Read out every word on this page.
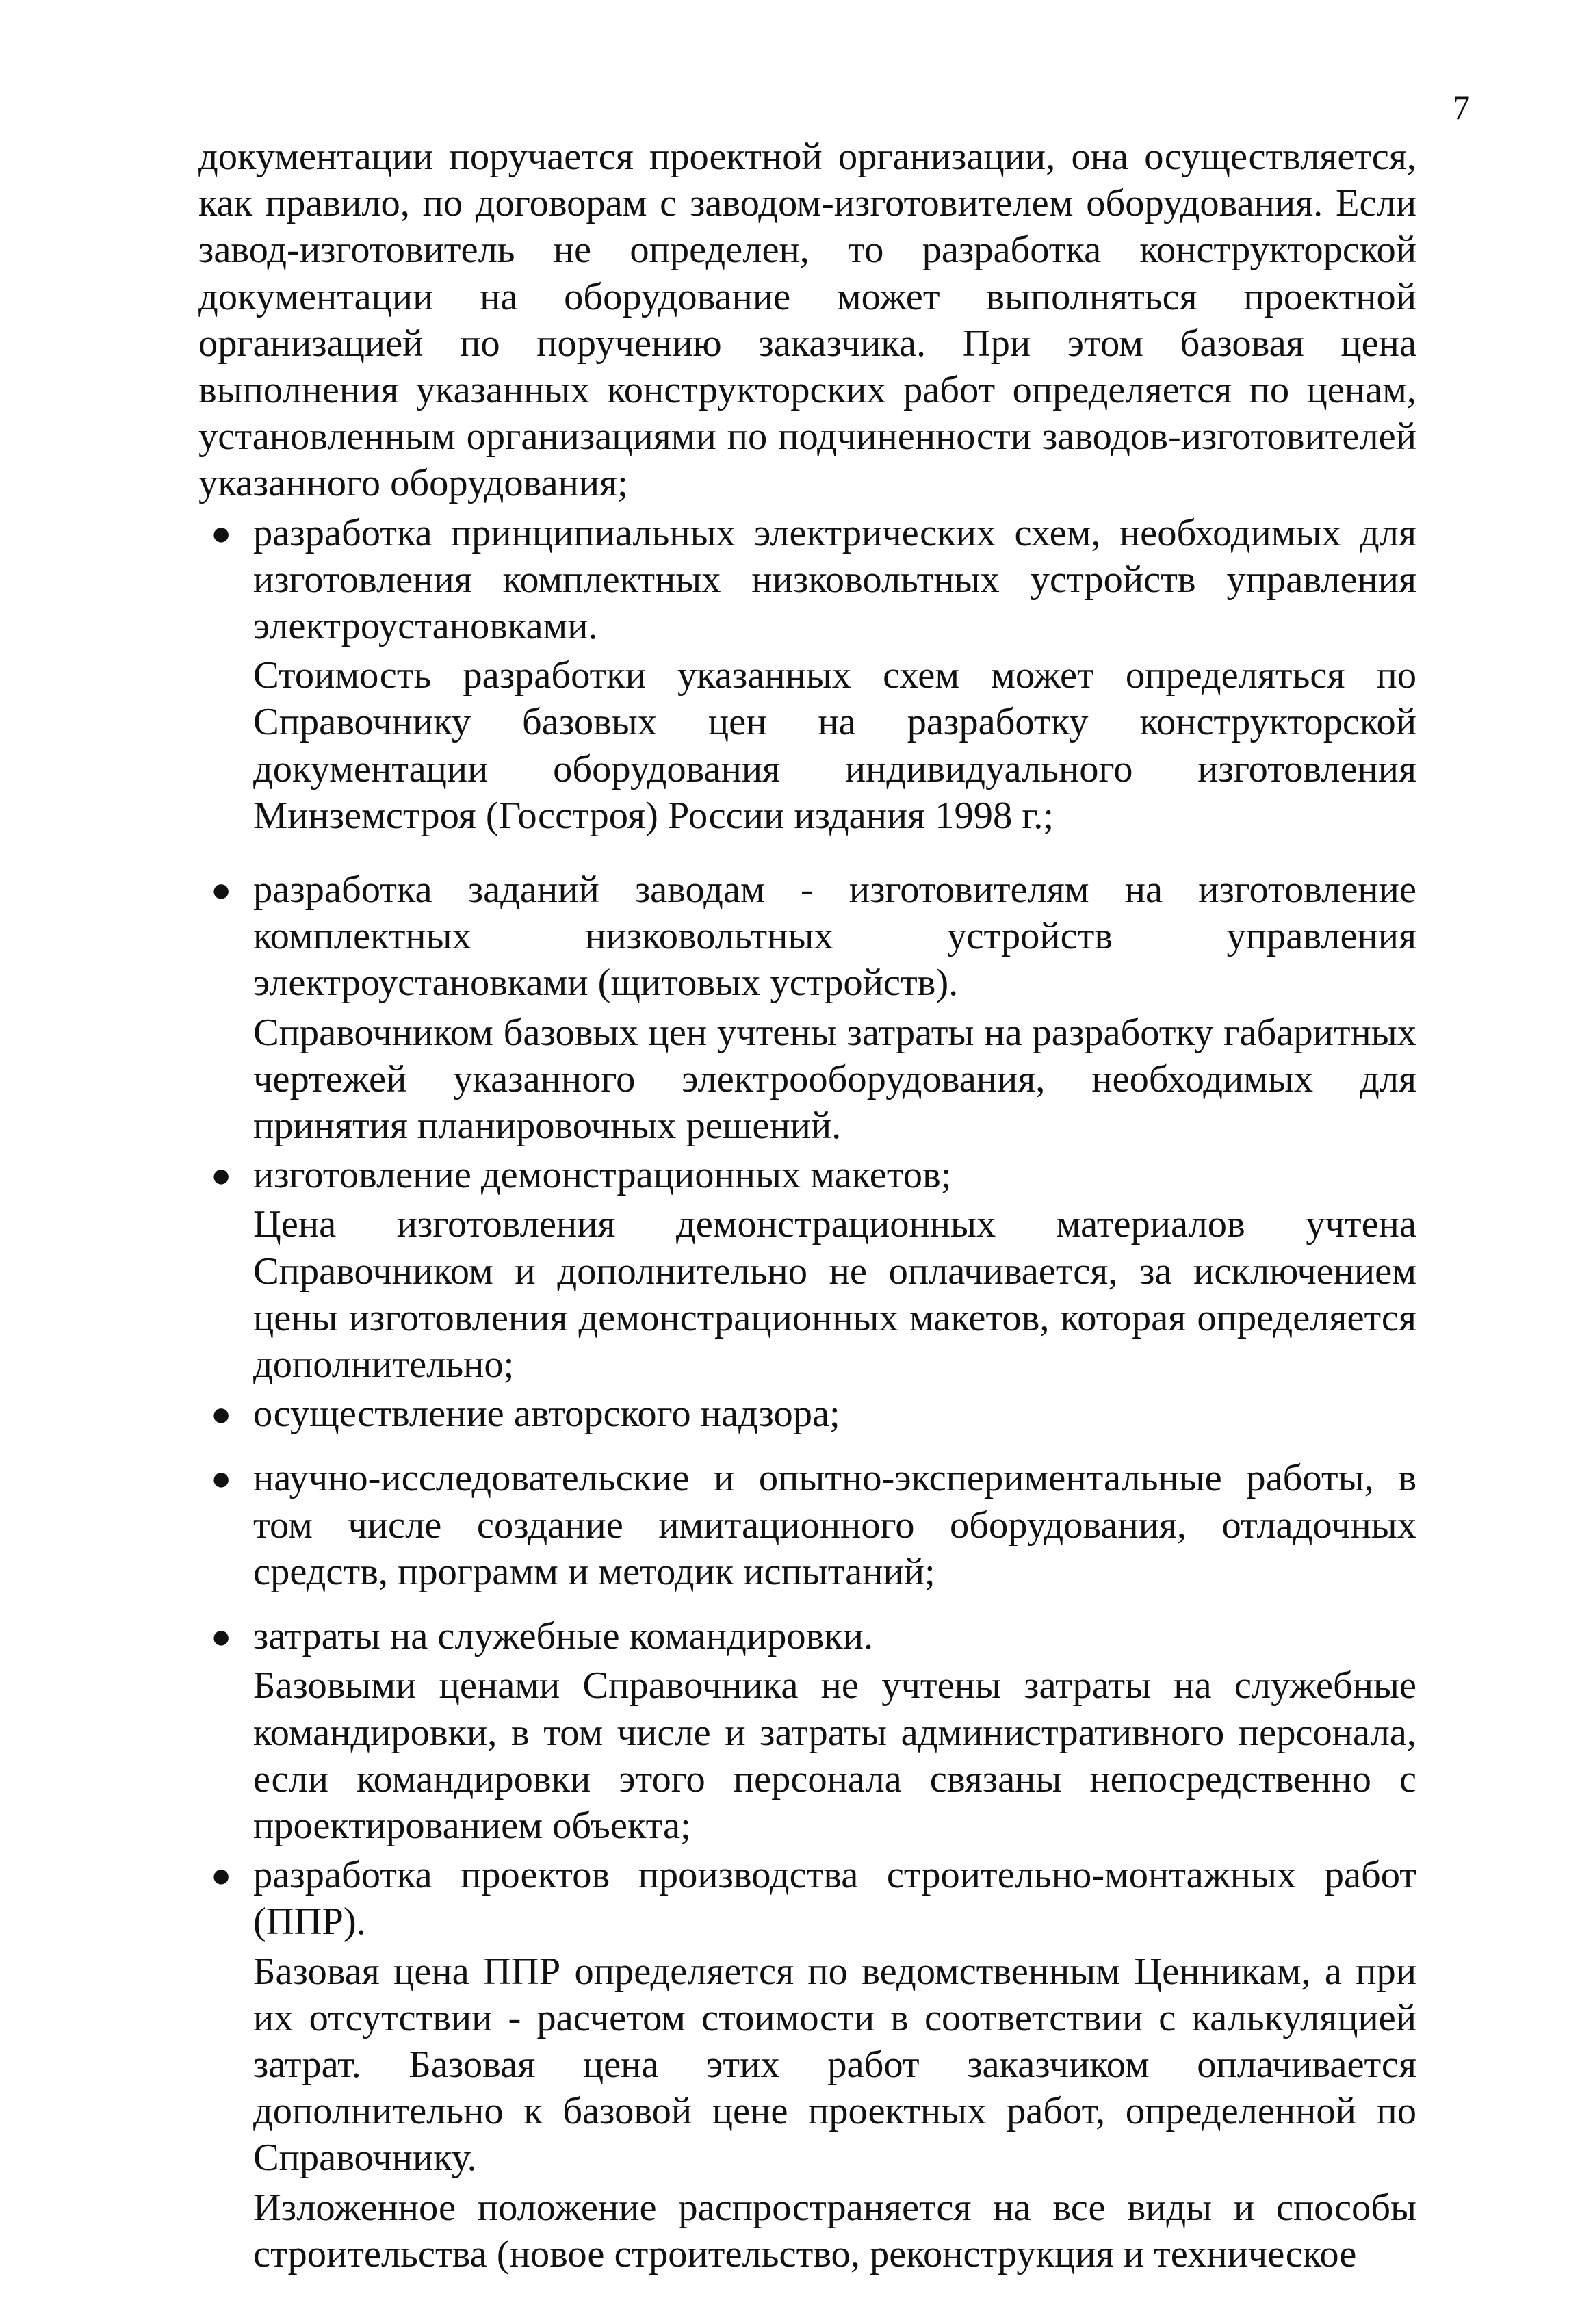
7

документации поручается проектной организации, она осуществляется, как правило, по договорам с заводом-изготовителем оборудования. Если завод-изготовитель не определен, то разработка конструкторской документации на оборудование может выполняться проектной организацией по поручению заказчика. При этом базовая цена выполнения указанных конструкторских работ определяется по ценам, установленным организациями по подчиненности заводов-изготовителей указанного оборудования;

● разработка принципиальных электрических схем, необходимых для изготовления комплектных низковольтных устройств управления электроустановками.

Стоимость разработки указанных схем может определяться по Справочнику базовых цен на разработку конструкторской документации оборудования индивидуального изготовления Минземстроя (Госстроя) России издания 1998 г.;

● разработка заданий заводам - изготовителям на изготовление комплектных низковольтных устройств управления электроустановками (щитовых устройств).

Справочником базовых цен учтены затраты на разработку габаритных чертежей указанного электрооборудования, необходимых для принятия планировочных решений.

● изготовление демонстрационных макетов;

Цена изготовления демонстрационных материалов учтена Справочником и дополнительно не оплачивается, за исключением цены изготовления демонстрационных макетов, которая определяется дополнительно;

● осуществление авторского надзора;
● научно-исследовательские и опытно-экспериментальные работы, в том числе создание имитационного оборудования, отладочных средств, программ и методик испытаний;
● затраты на служебные командировки.

Базовыми ценами Справочника не учтены затраты на служебные командировки, в том числе и затраты административного персонала, если командировки этого персонала связаны непосредственно с проектированием объекта;

● разработка проектов производства строительно-монтажных работ (ППР).

Базовая цена ППР определяется по ведомственным Ценникам, а при их отсутствии - расчетом стоимости в соответствии с калькуляцией затрат. Базовая цена этих работ заказчиком оплачивается дополнительно к базовой цене проектных работ, определенной по Справочнику.

Изложенное положение распространяется на все виды и способы строительства (новое строительство, реконструкция и техническое
